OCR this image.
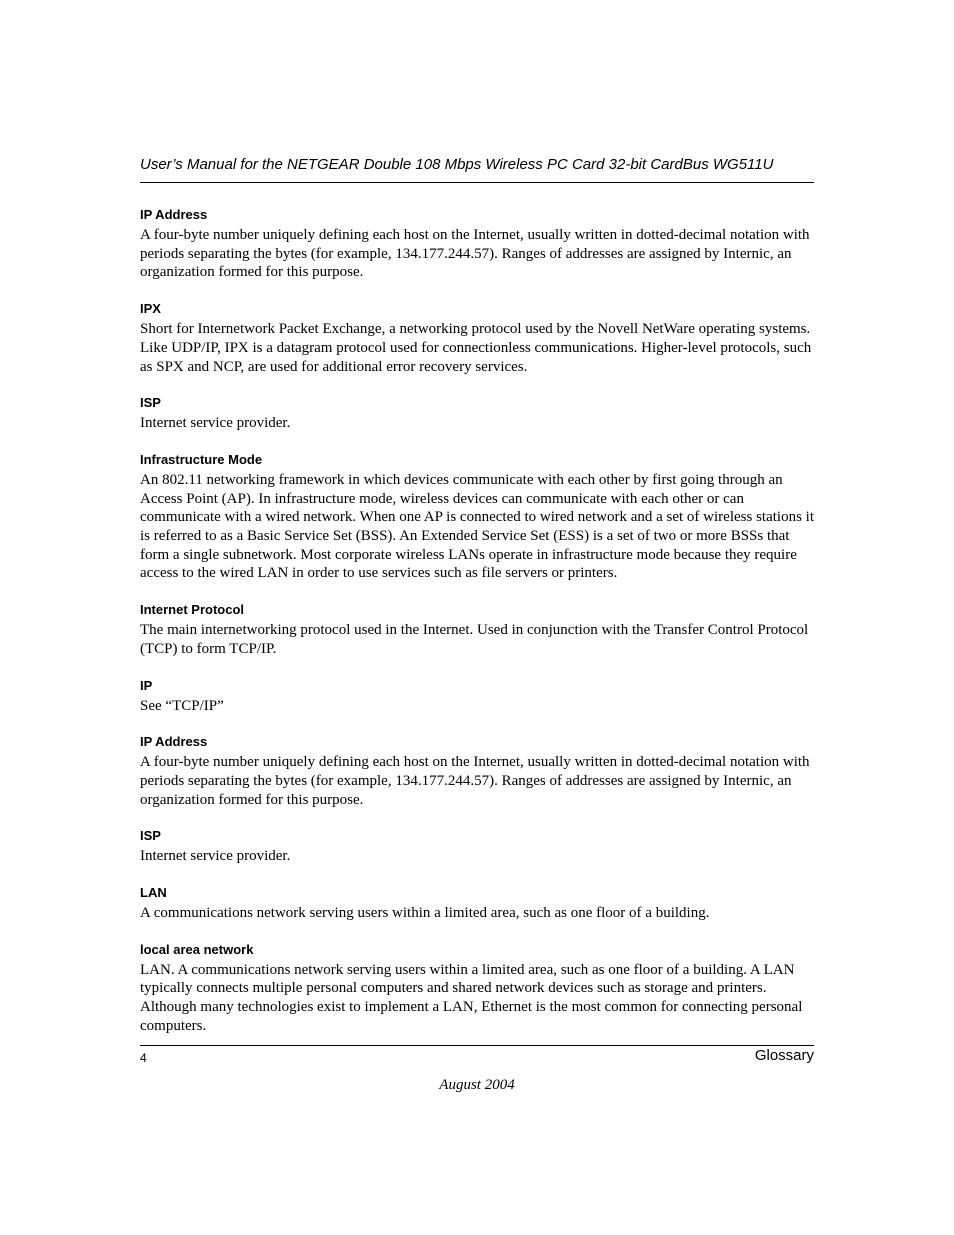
User’s Manual for the NETGEAR Double 108 Mbps Wireless PC Card 32-bit CardBus WG511U
IP Address

A four-byte number uniquely defining each host on the Internet, usually written in dotted-decimal notation with periods separating the bytes (for example, 134.177.244.57). Ranges of addresses are assigned by Internic, an organization formed for this purpose.

IPX

Short for Internetwork Packet Exchange, a networking protocol used by the Novell NetWare operating systems. Like UDP/IP, IPX is a datagram protocol used for connectionless communications. Higher-level protocols, such as SPX and NCP, are used for additional error recovery services.

ISP

Internet service provider.

Infrastructure Mode

An 802.11 networking framework in which devices communicate with each other by first going through an Access Point (AP). In infrastructure mode, wireless devices can communicate with each other or can communicate with a wired network. When one AP is connected to wired network and a set of wireless stations it is referred to as a Basic Service Set (BSS). An Extended Service Set (ESS) is a set of two or more BSSs that form a single subnetwork. Most corporate wireless LANs operate in infrastructure mode because they require access to the wired LAN in order to use services such as file servers or printers.

Internet Protocol

The main internetworking protocol used in the Internet. Used in conjunction with the Transfer Control Protocol (TCP) to form TCP/IP.

IP

See “TCP/IP”

IP Address

A four-byte number uniquely defining each host on the Internet, usually written in dotted-decimal notation with periods separating the bytes (for example, 134.177.244.57). Ranges of addresses are assigned by Internic, an organization formed for this purpose.

ISP

Internet service provider.

LAN

A communications network serving users within a limited area, such as one floor of a building.

local area network

LAN. A communications network serving users within a limited area, such as one floor of a building. A LAN typically connects multiple personal computers and shared network devices such as storage and printers. Although many technologies exist to implement a LAN, Ethernet is the most common for connecting personal computers.

4	Glossary
August 2004
